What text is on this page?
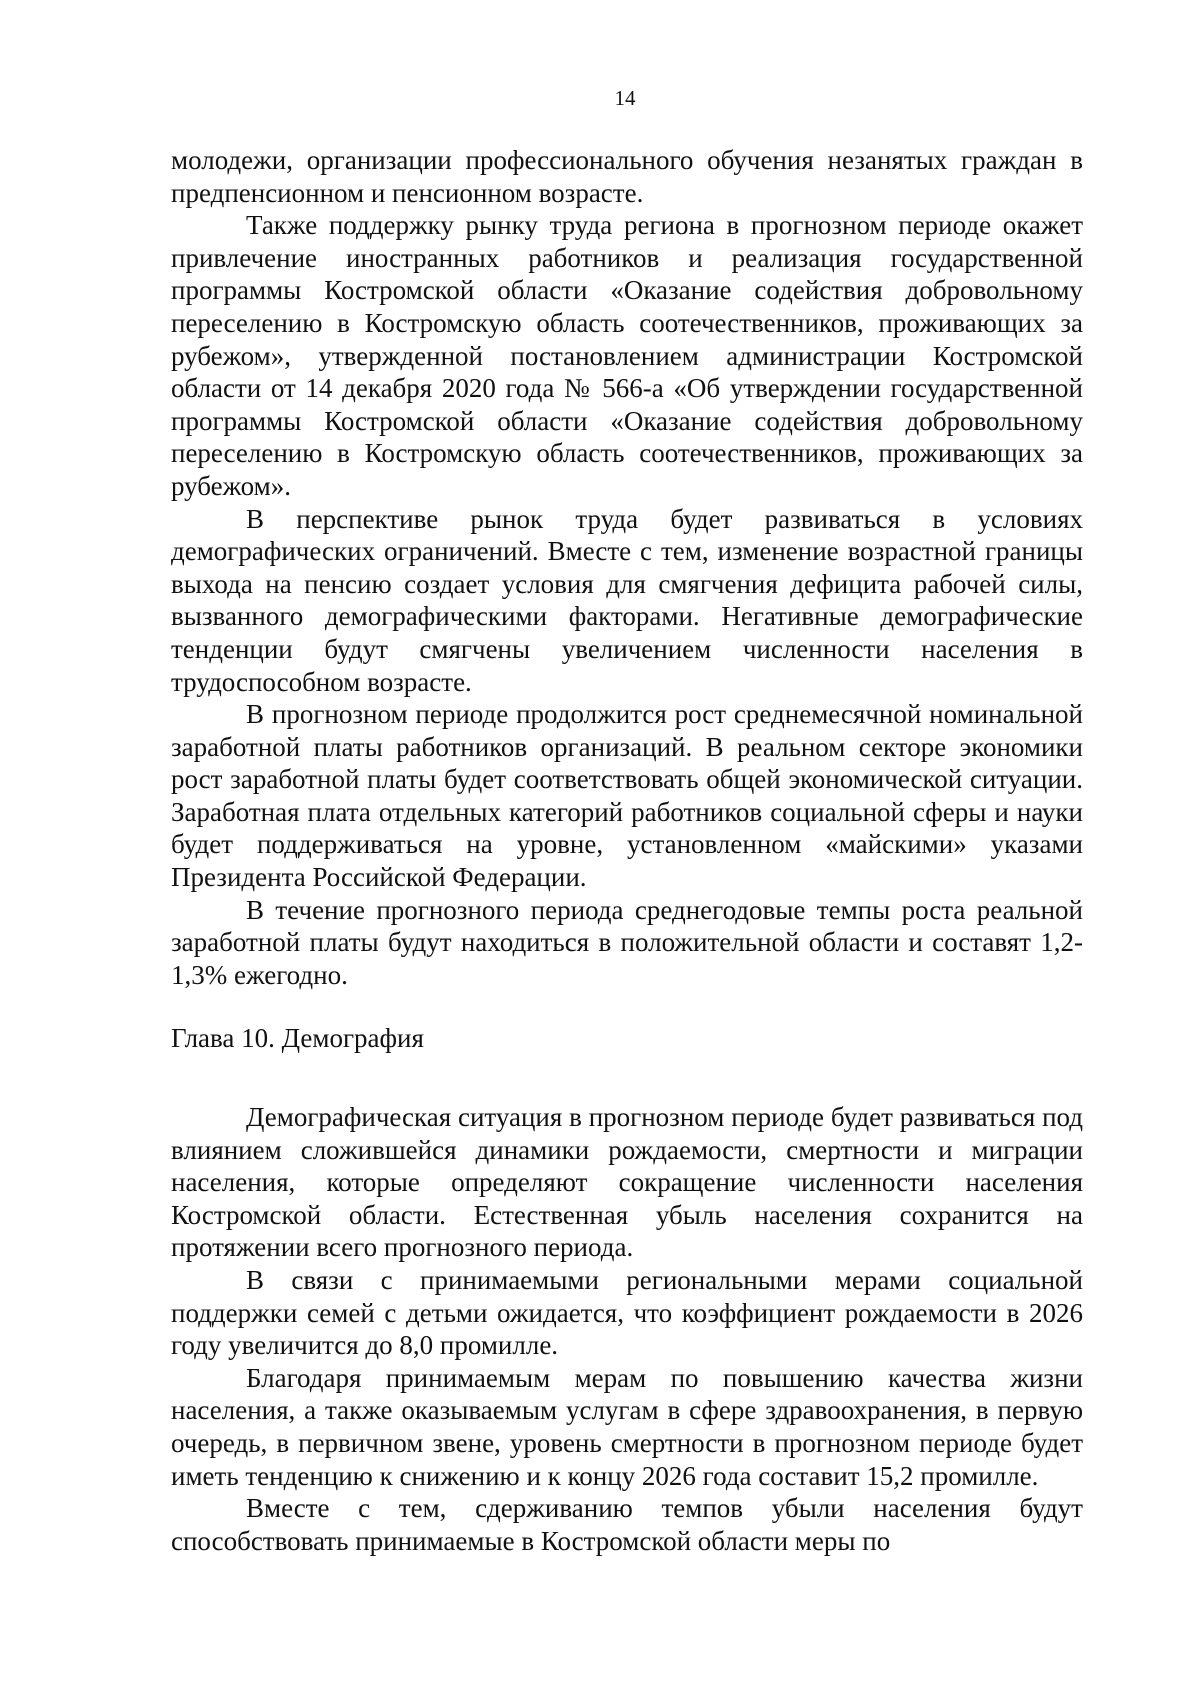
14

молодежи, организации профессионального обучения незанятых граждан в предпенсионном и пенсионном возрасте.

Также поддержку рынку труда региона в прогнозном периоде окажет привлечение иностранных работников и реализация государственной программы Костромской области «Оказание содействия добровольному переселению в Костромскую область соотечественников, проживающих за рубежом», утвержденной постановлением администрации Костромской области от 14 декабря 2020 года № 566-а «Об утверждении государственной программы Костромской области «Оказание содействия добровольному переселению в Костромскую область соотечественников, проживающих за рубежом».

В перспективе рынок труда будет развиваться в условиях демографических ограничений. Вместе с тем, изменение возрастной границы выхода на пенсию создает условия для смягчения дефицита рабочей силы, вызванного демографическими факторами. Негативные демографические тенденции будут смягчены увеличением численности населения в трудоспособном возрасте.

В прогнозном периоде продолжится рост среднемесячной номинальной заработной платы работников организаций. В реальном секторе экономики рост заработной платы будет соответствовать общей экономической ситуации. Заработная плата отдельных категорий работников социальной сферы и науки будет поддерживаться на уровне, установленном «майскими» указами Президента Российской Федерации.

В течение прогнозного периода среднегодовые темпы роста реальной заработной платы будут находиться в положительной области и составят 1,2-1,3% ежегодно.

Глава 10. Демография

Демографическая ситуация в прогнозном периоде будет развиваться под влиянием сложившейся динамики рождаемости, смертности и миграции населения, которые определяют сокращение численности населения Костромской области. Естественная убыль населения сохранится на протяжении всего прогнозного периода.

В связи с принимаемыми региональными мерами социальной поддержки семей с детьми ожидается, что коэффициент рождаемости в 2026 году увеличится до 8,0 промилле.

Благодаря принимаемым мерам по повышению качества жизни населения, а также оказываемым услугам в сфере здравоохранения, в первую очередь, в первичном звене, уровень смертности в прогнозном периоде будет иметь тенденцию к снижению и к концу 2026 года составит 15,2 промилле.

Вместе с тем, сдерживанию темпов убыли населения будут способствовать принимаемые в Костромской области меры по
